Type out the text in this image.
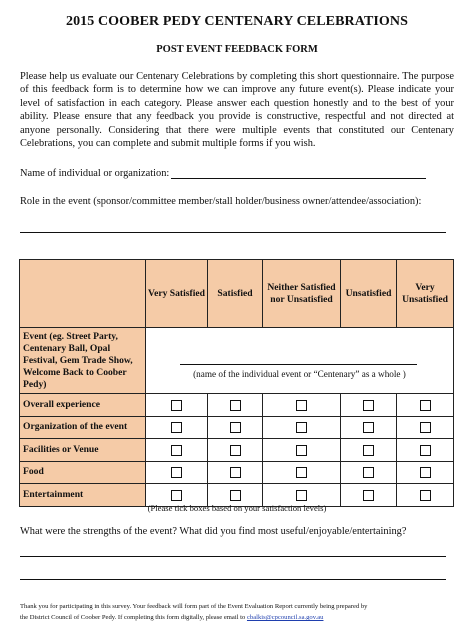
2015 COOBER PEDY CENTENARY CELEBRATIONS
POST EVENT FEEDBACK FORM
Please help us evaluate our Centenary Celebrations by completing this short questionnaire. The purpose of this feedback form is to determine how we can improve any future event(s). Please indicate your level of satisfaction in each category. Please answer each question honestly and to the best of your ability. Please ensure that any feedback you provide is constructive, respectful and not directed at anyone personally. Considering that there were multiple events that constituted our Centenary Celebrations, you can complete and submit multiple forms if you wish.
Name of individual or organization:
Role in the event (sponsor/committee member/stall holder/business owner/attendee/association):
	Very Satisfied	Satisfied	Neither Satisfied nor Unsatisfied	Unsatisfied	Very Unsatisfied
Event (eg. Street Party, Centenary Ball, Opal Festival, Gem Trade Show, Welcome Back to Coober Pedy)	(name of the individual event or “Centenary” as a whole )				

Overall experience					
Organization of the event					
Facilities or Venue					
Food					
Entertainment					
(Please tick boxes based on your satisfaction levels)
What were the strengths of the event? What did you find most useful/enjoyable/entertaining?
Thank you for participating in this survey. Your feedback will form part of the Event Evaluation Report currently being prepared by
the District Council of Coober Pedy. If completing this form digitally, please email to cbalkis@cpcouncil.sa.gov.au
